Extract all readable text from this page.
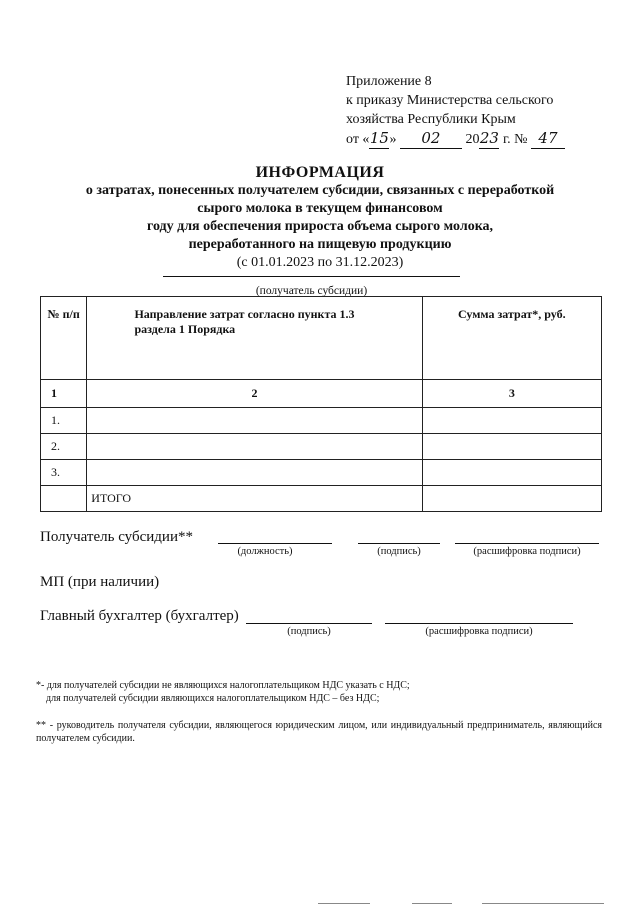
Приложение 8
к приказу Министерства сельского
хозяйства Республики Крым
от «15» 02 2023 г. № 47
ИНФОРМАЦИЯ
о затратах, понесенных получателем субсидии, связанных с переработкой
сырого молока в текущем финансовом
году для обеспечения прироста объема сырого молока,
переработанного на пищевую продукцию
(с 01.01.2023 по 31.12.2023)
(получатель субсидии)
№ п/п	Направление затрат согласно пункта 1.3 раздела 1 Порядка	Сумма затрат*, руб.
1	2	3
1.		
2.		
3.		
	ИТОГО	
Получатель субсидии**
(должность)	(подпись)	(расшифровка подписи)
МП (при наличии)
Главный бухгалтер (бухгалтер)
(подпись)	(расшифровка подписи)
*- для получателей субсидии не являющихся налогоплательщиком НДС указать с НДС;
для получателей субсидии являющихся налогоплательщиком НДС – без НДС;
** - руководитель получателя субсидии, являющегося юридическим лицом, или индивидуальный предприниматель, являющийся получателем субсидии.
